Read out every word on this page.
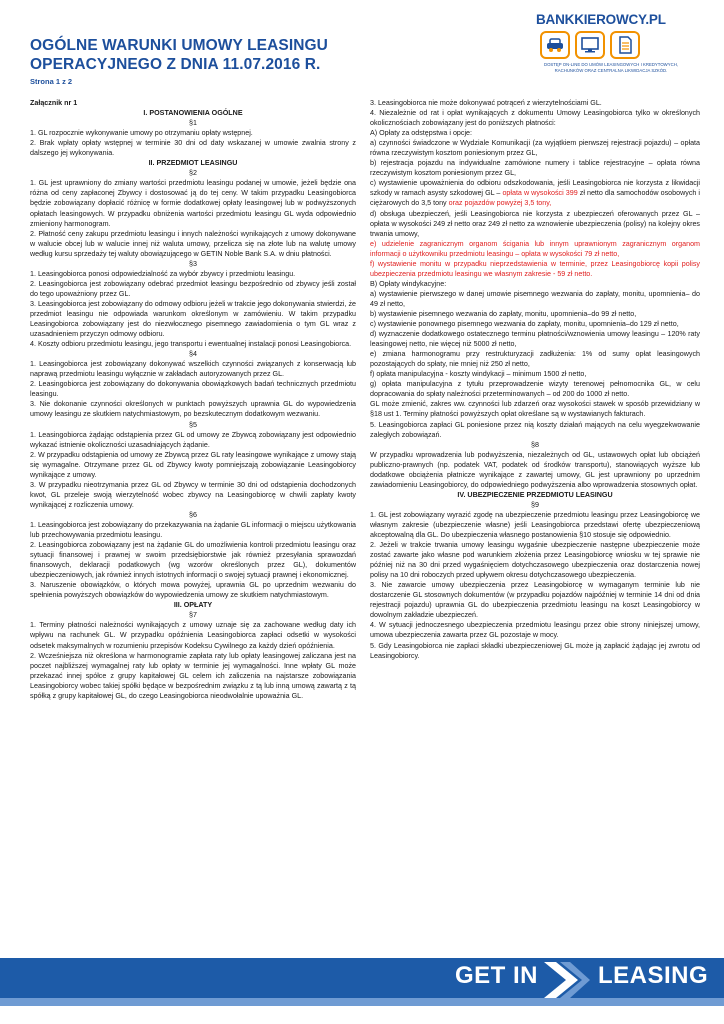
OGÓLNE WARUNKI UMOWY LEASINGU OPERACYJNEGO Z DNIA 11.07.2016 R.
Strona 1 z 2
BANKKIEROWCY.PL
DOSTĘP ON-LINE DO UMÓW LEASINGOWYCH I KREDYTOWYCH, RACHUNKÓW ORAZ CENTRALNA LIKWIDACJA SZKÓD.

Załącznik nr 1

I. POSTANOWIENIA OGÓLNE

§1

1. GL rozpocznie wykonywanie umowy po otrzymaniu opłaty wstępnej.

2. Brak wpłaty opłaty wstępnej w terminie 30 dni od daty wskazanej w umowie zwalnia strony z dalszego jej wykonywania.

II. PRZEDMIOT LEASINGU

§2

1. GL jest uprawniony do zmiany wartości przedmiotu leasingu podanej w umowie, jeżeli będzie ona różna od ceny zapłaconej Zbywcy i dostosować ją do tej ceny. W takim przypadku Leasingobiorca będzie zobowiązany dopłacić różnicę w formie dodatkowej opłaty leasingowej lub w podwyższonych opłatach leasingowych. W przypadku obniżenia wartości przedmiotu leasingu GL wyda odpowiednio zmieniony harmonogram.

2. Płatność ceny zakupu przedmiotu leasingu i innych należności wynikających z umowy dokonywane w walucie obcej lub w walucie innej niż waluta umowy, przelicza się na złote lub na walutę umowy według kursu sprzedaży tej waluty obowiązującego w GETIN Noble Bank S.A. w dniu płatności.

§3

1. Leasingobiorca ponosi odpowiedzialność za wybór zbywcy i przedmiotu leasingu.

2. Leasingobiorca jest zobowiązany odebrać przedmiot leasingu bezpośrednio od zbywcy jeśli został do tego upoważniony przez GL.

3. Leasingobiorca jest zobowiązany do odmowy odbioru jeżeli w trakcie jego dokonywania stwierdzi, że przedmiot leasingu nie odpowiada warunkom określonym w zamówieniu. W takim przypadku Leasingobiorca zobowiązany jest do niezwłocznego pisemnego zawiadomienia o tym GL wraz z uzasadnieniem przyczyn odmowy odbioru.

4. Koszty odbioru przedmiotu leasingu, jego transportu i ewentualnej instalacji ponosi Leasingobiorca.

§4

1. Leasingobiorca jest zobowiązany dokonywać wszelkich czynności związanych z konserwacją lub naprawą przedmiotu leasingu wyłącznie w zakładach autoryzowanych przez GL.

2. Leasingobiorca jest zobowiązany do dokonywania obowiązkowych badań technicznych przedmiotu leasingu.

3. Nie dokonanie czynności określonych w punktach powyższych uprawnia GL do wypowiedzenia umowy leasingu ze skutkiem natychmiastowym, po bezskutecznym dodatkowym wezwaniu.

§5

1. Leasingobiorca żądając odstąpienia przez GL od umowy ze Zbywcą zobowiązany jest odpowiednio wykazać istnienie okoliczności uzasadniających żądanie.

2. W przypadku odstąpienia od umowy ze Zbywcą przez GL raty leasingowe wynikające z umowy stają się wymagalne. Otrzymane przez GL od Zbywcy kwoty pomniejszają zobowiązanie Leasingobiorcy wynikające z umowy.

3. W przypadku nieotrzymania przez GL od Zbywcy w terminie 30 dni od odstąpienia dochodzonych kwot, GL przeleje swoją wierzytelność wobec zbywcy na Leasingobiorcę w chwili zapłaty kwoty wynikającej z rozliczenia umowy.

§6

1. Leasingobiorca jest zobowiązany do przekazywania na żądanie GL informacji o miejscu użytkowania lub przechowywania przedmiotu leasingu.

2. Leasingobiorca zobowiązany jest na żądanie GL do umożliwienia kontroli przedmiotu leasingu oraz sytuacji finansowej i prawnej w swoim przedsiębiorstwie jak również przesyłania sprawozdań finansowych, deklaracji podatkowych (wg wzorów określonych przez GL), dokumentów ubezpieczeniowych, jak również innych istotnych informacji o swojej sytuacji prawnej i ekonomicznej.

3. Naruszenie obowiązków, o których mowa powyżej, uprawnia GL po uprzednim wezwaniu do spełnienia powyższych obowiązków do wypowiedzenia umowy ze skutkiem natychmiastowym.

III. OPŁATY

§7

1. Terminy płatności należności wynikających z umowy uznaje się za zachowane według daty ich wpływu na rachunek GL. W przypadku opóźnienia Leasingobiorca zapłaci odsetki w wysokości odsetek maksymalnych w rozumieniu przepisów Kodeksu Cywilnego za każdy dzień opóźnienia.

2. Wcześniejsza niż określona w harmonogramie zapłata raty lub opłaty leasingowej zaliczana jest na poczet najbliższej wymagalnej raty lub opłaty w terminie jej wymagalności. Inne wpłaty GL może przekazać innej spółce z grupy kapitałowej GL celem ich zaliczenia na najstarsze zobowiązania Leasingobiorcy wobec takiej spółki będące w bezpośrednim związku z tą lub inną umową zawartą z tą spółką z grupy kapitałowej GL, do czego Leasingobiorca nieodwołalnie upoważnia GL.

3. Leasingobiorca nie może dokonywać potrąceń z wierzytelnościami GL.

4. Niezależnie od rat i opłat wynikających z dokumentu Umowy Leasingobiorca tylko w określonych okolicznościach zobowiązany jest do poniższych płatności:

A) Opłaty za odstępstwa i opcje:

a) czynności świadczone w Wydziale Komunikacji (za wyjątkiem pierwszej rejestracji pojazdu) – opłata równa rzeczywistym kosztom poniesionym przez GL,

b) rejestracja pojazdu na indywidualne zamówione numery i tablice rejestracyjne – opłata równa rzeczywistym kosztom poniesionym przez GL,

c) wystawienie upoważnienia do odbioru odszkodowania, jeśli Leasingobiorca nie korzysta z likwidacji szkody w ramach asysty szkodowej GL – opłata w wysokości 399 zł netto dla samochodów osobowych i ciężarowych do 3,5 tony oraz pojazdów powyżej 3,5 tony,

d) obsługa ubezpieczeń, jeśli Leasingobiorca nie korzysta z ubezpieczeń oferowanych przez GL – opłata w wysokości 249 zł netto oraz 249 zł netto za wznowienie ubezpieczenia (polisy) na kolejny okres trwania umowy,

e) udzielenie zagranicznym organom ścigania lub innym uprawnionym zagranicznym organom informacji o użytkowniku przedmiotu leasingu – opłata w wysokości 79 zł netto,

f) wystawienie monitu w przypadku nieprzedstawienia w terminie, przez Leasingobiorcę kopii polisy ubezpieczenia przedmiotu leasingu we własnym zakresie - 59 zł netto.

B) Opłaty windykacyjne:

a) wystawienie pierwszego w danej umowie pisemnego wezwania do zapłaty, monitu, upomnienia– do 49 zł netto,

b) wystawienie pisemnego wezwania do zapłaty, monitu, upomnienia–do 99 zł netto,

c) wystawienie ponownego pisemnego wezwania do zapłaty, monitu, upomnienia–do 129 zł netto,

d) wyznaczenie dodatkowego ostatecznego terminu płatności/wznowienia umowy leasingu – 120% raty leasingowej netto, nie więcej niż 5000 zł netto,

e) zmiana harmonogramu przy restrukturyzacji zadłużenia: 1% od sumy opłat leasingowych pozostających do spłaty, nie mniej niż 250 zł netto,

f) opłata manipulacyjna - koszty windykacji – minimum 1500 zł netto,

g) opłata manipulacyjna z tytułu przeprowadzenie wizyty terenowej pełnomocnika GL, w celu dopracowania do spłaty należności przeterminowanych – od 200 do 1000 zł netto.

GL może zmienić, zakres ww. czynności lub zdarzeń oraz wysokości stawek w sposób przewidziany w §18 ust 1. Terminy płatności powyższych opłat określane są w wystawianych fakturach.

5. Leasingobiorca zapłaci GL poniesione przez nią koszty działań mających na celu wyegzekwowanie zaległych zobowiązań.

§8

W przypadku wprowadzenia lub podwyższenia, niezależnych od GL, ustawowych opłat lub obciążeń publiczno-prawnych (np. podatek VAT, podatek od środków transportu), stanowiących wyższe lub dodatkowe obciążenia płatnicze wynikające z zawartej umowy, GL jest uprawniony po uprzednim zawiadomieniu Leasingobiorcy, do odpowiedniego podwyższenia albo wprowadzenia stosownych opłat.

IV. UBEZPIECZENIE PRZEDMIOTU LEASINGU

§9

1. GL jest zobowiązany wyrazić zgodę na ubezpieczenie przedmiotu leasingu przez Leasingobiorcę we własnym zakresie (ubezpieczenie własne) jeśli Leasingobiorca przedstawi ofertę ubezpieczeniową akceptowalną dla GL. Do ubezpieczenia własnego postanowienia §10 stosuje się odpowiednio.

2. Jeżeli w trakcie trwania umowy leasingu wygaśnie ubezpieczenie następne ubezpieczenie może zostać zawarte jako własne pod warunkiem złożenia przez Leasingobiorcę wniosku w tej sprawie nie później niż na 30 dni przed wygaśnięciem dotychczasowego ubezpieczenia oraz dostarczenia nowej polisy na 10 dni roboczych przed upływem okresu dotychczasowego ubezpieczenia.

3. Nie zawarcie umowy ubezpieczenia przez Leasingobiorcę w wymaganym terminie lub nie dostarczenie GL stosownych dokumentów (w przypadku pojazdów najpóźniej w terminie 14 dni od dnia rejestracji pojazdu) uprawnia GL do ubezpieczenia przedmiotu leasingu na koszt Leasingobiorcy w dowolnym zakładzie ubezpieczeń.

4. W sytuacji jednoczesnego ubezpieczenia przedmiotu leasingu przez obie strony niniejszej umowy, umowa ubezpieczenia zawarta przez GL pozostaje w mocy.

5. Gdy Leasingobiorca nie zapłaci składki ubezpieczeniowej GL może ją zapłacić żądając jej zwrotu od Leasingobiorcy.

GET IN LEASING
